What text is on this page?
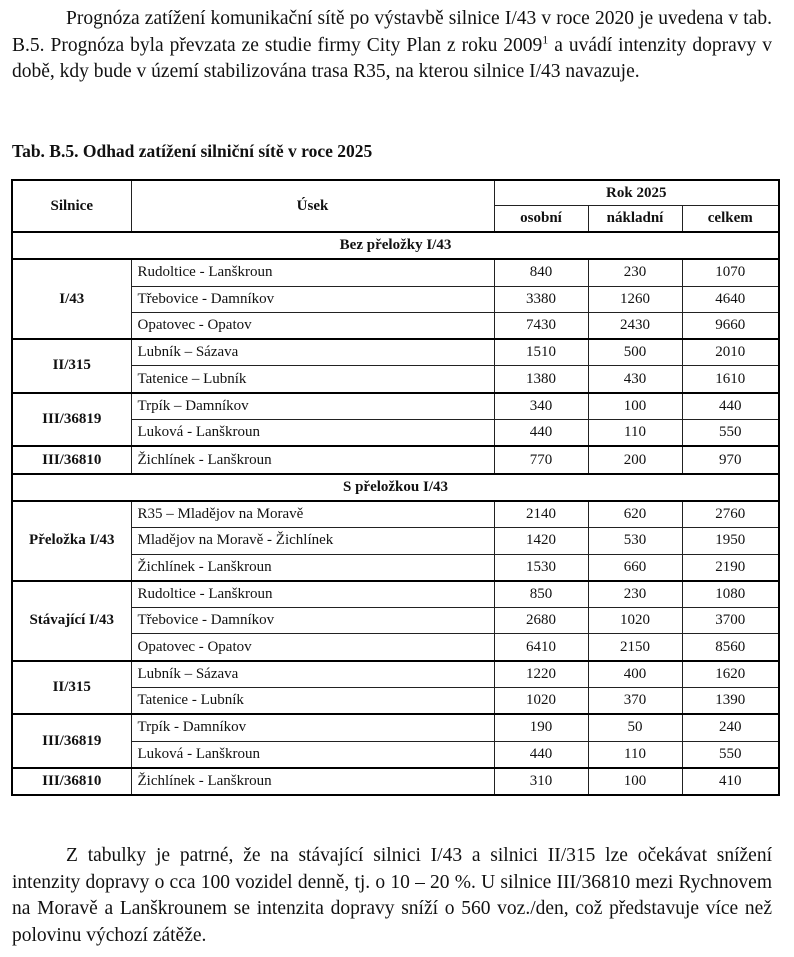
Prognóza zatížení komunikační sítě po výstavbě silnice I/43 v roce 2020 je uvedena v tab. B.5. Prognóza byla převzata ze studie firmy City Plan z roku 2009$^1$ a uvádí intenzity dopravy v době, kdy bude v území stabilizována trasa R35, na kterou silnice I/43 navazuje.

Tab. B.5. Odhad zatížení silniční sítě v roce 2025

Silnice	Úsek	Rok 2025		
		osobní	nákladní	celkem
Bez přeložky I/43				
I/43	Rudoltice - Lanškroun	840	230	1070
	Třebovice - Damníkov	3380	1260	4640
	Opatovec - Opatov	7430	2430	9660
II/315	Lubník – Sázava	1510	500	2010
	Tatenice – Lubník	1380	430	1610
III/36819	Trpík – Damníkov	340	100	440
	Luková - Lanškroun	440	110	550
III/36810	Žichlínek - Lanškroun	770	200	970
S přeložkou I/43				
Přeložka I/43	R35 – Mladějov na Moravě	2140	620	2760
	Mladějov na Moravě - Žichlínek	1420	530	1950
	Žichlínek - Lanškroun	1530	660	2190
Stávající I/43	Rudoltice - Lanškroun	850	230	1080
	Třebovice - Damníkov	2680	1020	3700
	Opatovec - Opatov	6410	2150	8560
II/315	Lubník – Sázava	1220	400	1620
	Tatenice - Lubník	1020	370	1390
III/36819	Trpík - Damníkov	190	50	240
	Luková - Lanškroun	440	110	550
III/36810	Žichlínek - Lanškroun	310	100	410

Z tabulky je patrné, že na stávající silnici I/43 a silnici II/315 lze očekávat snížení intenzity dopravy o cca 100 vozidel denně, tj. o 10 – 20 %. U silnice III/36810 mezi Rychnovem na Moravě a Lanškrounem se intenzita dopravy sníží o 560 voz./den, což představuje více než polovinu výchozí zátěže.
